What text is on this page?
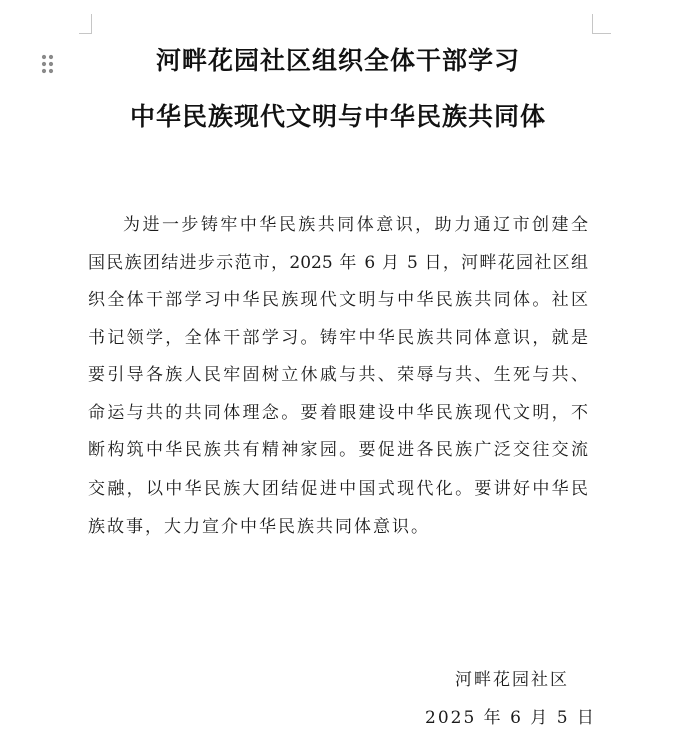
河畔花园社区组织全体干部学习
中华民族现代文明与中华民族共同体
为进一步铸牢中华民族共同体意识，助力通辽市创建全
国民族团结进步示范市，2025 年 6 月 5 日，河畔花园社区组
织全体干部学习中华民族现代文明与中华民族共同体。社区
书记领学，全体干部学习。铸牢中华民族共同体意识，就是
要引导各族人民牢固树立休戚与共、荣辱与共、生死与共、
命运与共的共同体理念。要着眼建设中华民族现代文明，不
断构筑中华民族共有精神家园。要促进各民族广泛交往交流
交融，以中华民族大团结促进中国式现代化。要讲好中华民
族故事，大力宣介中华民族共同体意识。
河畔花园社区
2025 年 6 月 5 日
